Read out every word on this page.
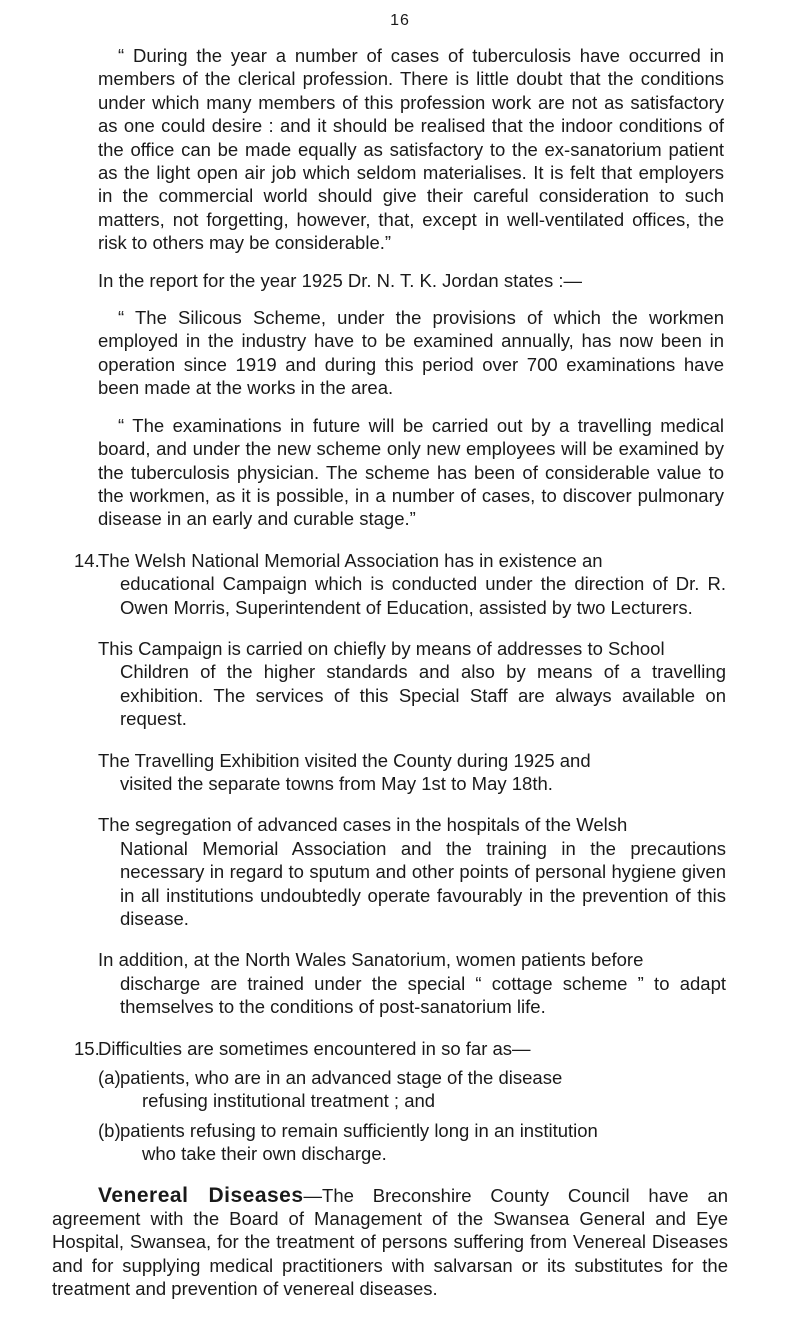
16

“ During the year a number of cases of tuberculosis have occurred in members of the clerical profession. There is little doubt that the conditions under which many members of this profession work are not as satisfactory as one could desire : and it should be realised that the indoor conditions of the office can be made equally as satisfactory to the ex-sanatorium patient as the light open air job which seldom materialises. It is felt that employers in the commercial world should give their careful consideration to such matters, not forgetting, however, that, except in well-ventilated offices, the risk to others may be considerable.”

In the report for the year 1925 Dr. N. T. K. Jordan states :—

“ The Silicous Scheme, under the provisions of which the workmen employed in the industry have to be examined annually, has now been in operation since 1919 and during this period over 700 examinations have been made at the works in the area.

“ The examinations in future will be carried out by a travelling medical board, and under the new scheme only new employees will be examined by the tuberculosis physician. The scheme has been of considerable value to the workmen, as it is possible, in a number of cases, to discover pulmonary disease in an early and curable stage.”

14.
The Welsh National Memorial Association has in existence an
educational Campaign which is conducted under the direction of Dr. R. Owen Morris, Superintendent of Education, assisted by two Lecturers.

This Campaign is carried on chiefly by means of addresses to School
Children of the higher standards and also by means of a travelling exhibition. The services of this Special Staff are always available on request.

The Travelling Exhibition visited the County during 1925 and
visited the separate towns from May 1st to May 18th.

The segregation of advanced cases in the hospitals of the Welsh
National Memorial Association and the training in the precautions necessary in regard to sputum and other points of personal hygiene given in all institutions undoubtedly operate favourably in the prevention of this disease.

In addition, at the North Wales Sanatorium, women patients before
discharge are trained under the special “ cottage scheme ” to adapt themselves to the conditions of post-sanatorium life.

15.
Difficulties are sometimes encountered in so far as—

(a) patients, who are in an advanced stage of the disease
refusing institutional treatment ; and

(b) patients refusing to remain sufficiently long in an institution
who take their own discharge.

Venereal Diseases—The Breconshire County Council have an agreement with the Board of Management of the Swansea General and Eye Hospital, Swansea, for the treatment of persons suffering from Venereal Diseases and for supplying medical practitioners with salvarsan or its substitutes for the treatment and prevention of venereal diseases.
